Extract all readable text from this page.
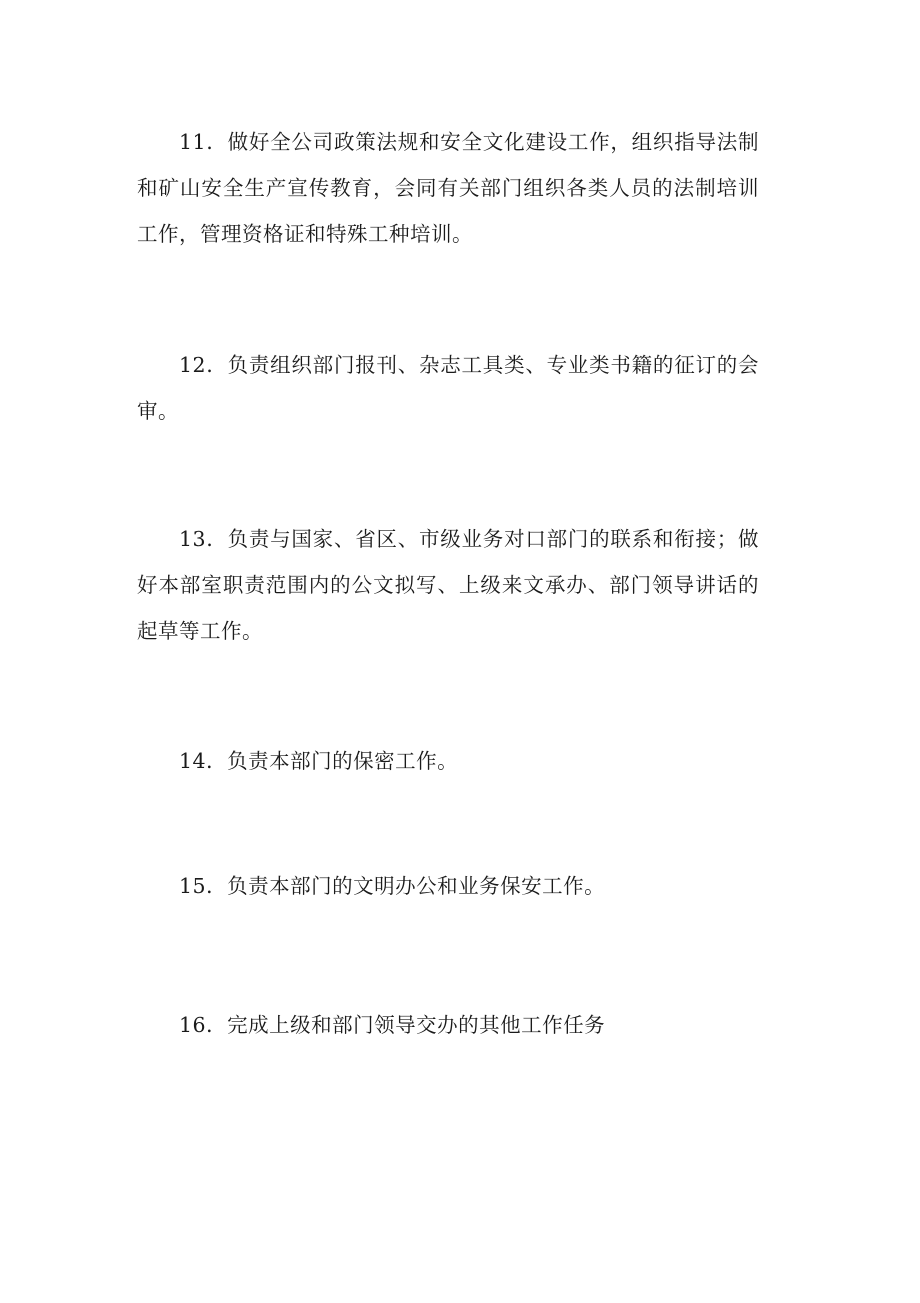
11．做好全公司政策法规和安全文化建设工作，组织指导法制和矿山安全生产宣传教育，会同有关部门组织各类人员的法制培训工作，管理资格证和特殊工种培训。

12．负责组织部门报刊、杂志工具类、专业类书籍的征订的会审。

13．负责与国家、省区、市级业务对口部门的联系和衔接；做好本部室职责范围内的公文拟写、上级来文承办、部门领导讲话的起草等工作。

14．负责本部门的保密工作。

15．负责本部门的文明办公和业务保安工作。

16．完成上级和部门领导交办的其他工作任务
